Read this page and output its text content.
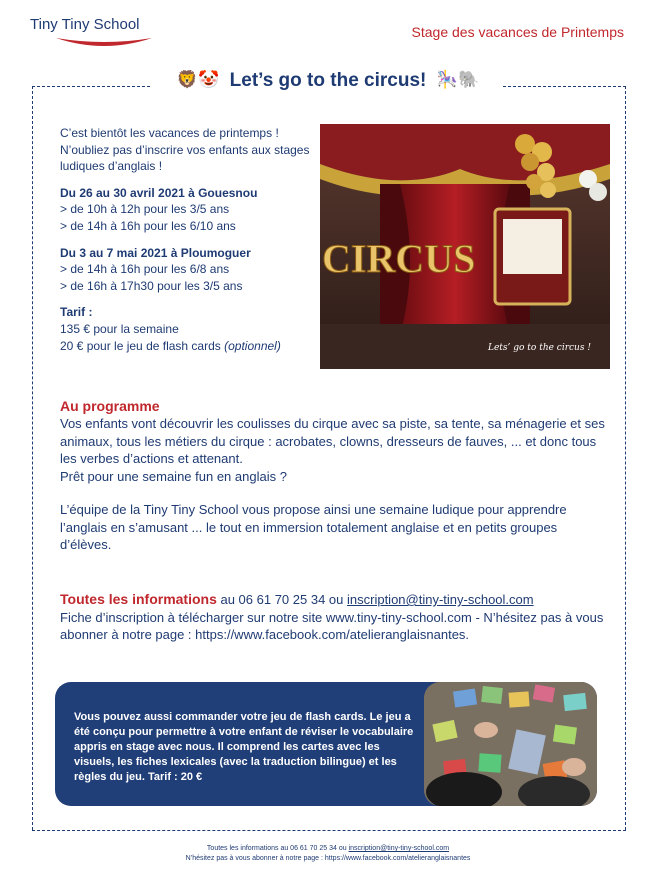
Tiny Tiny School	Stage des vacances de Printemps
🦁🤡 Let’s go to the circus! 🎠🐘

C’est bientôt les vacances de printemps ! N’oubliez pas d’inscrire vos enfants aux stages ludiques d’anglais !

Du 26 au 30 avril 2021 à Gouesnou
> de 10h à 12h pour les 3/5 ans
> de 14h à 16h pour les 6/10 ans

Du 3 au 7 mai 2021 à Ploumoguer
> de 14h à 16h pour les 6/8 ans
> de 16h à 17h30 pour les 3/5 ans

Tarif :
135 € pour la semaine
20 € pour le jeu de flash cards (optionnel)

CIRCUS
Lets’ go to the circus !
Au programme

Vos enfants vont découvrir les coulisses du cirque avec sa piste, sa tente, sa ménagerie et ses animaux, tous les métiers du cirque : acrobates, clowns, dresseurs de fauves, ... et donc tous les verbes d’actions et attenant.
Prêt pour une semaine fun en anglais ?

L’équipe de la Tiny Tiny School vous propose ainsi une semaine ludique pour apprendre l’anglais en s’amusant ... le tout en immersion totalement anglaise et en petits groupes d’élèves.

Toutes les informations au 06 61 70 25 34 ou inscription@tiny-tiny-school.com
Fiche d’inscription à télécharger sur notre site www.tiny-tiny-school.com - N’hésitez pas à vous abonner à notre page : https://www.facebook.com/atelieranglaisnantes.
Vous pouvez aussi commander votre jeu de flash cards. Le jeu a été conçu pour permettre à votre enfant de réviser le vocabulaire appris en stage avec nous. Il comprend les cartes avec les visuels, les fiches lexicales (avec la traduction bilingue) et les règles du jeu. Tarif : 20 €
Toutes les informations au 06 61 70 25 34 ou inscription@tiny-tiny-school.com
N’hésitez pas à vous abonner à notre page : https://www.facebook.com/atelieranglaisnantes
